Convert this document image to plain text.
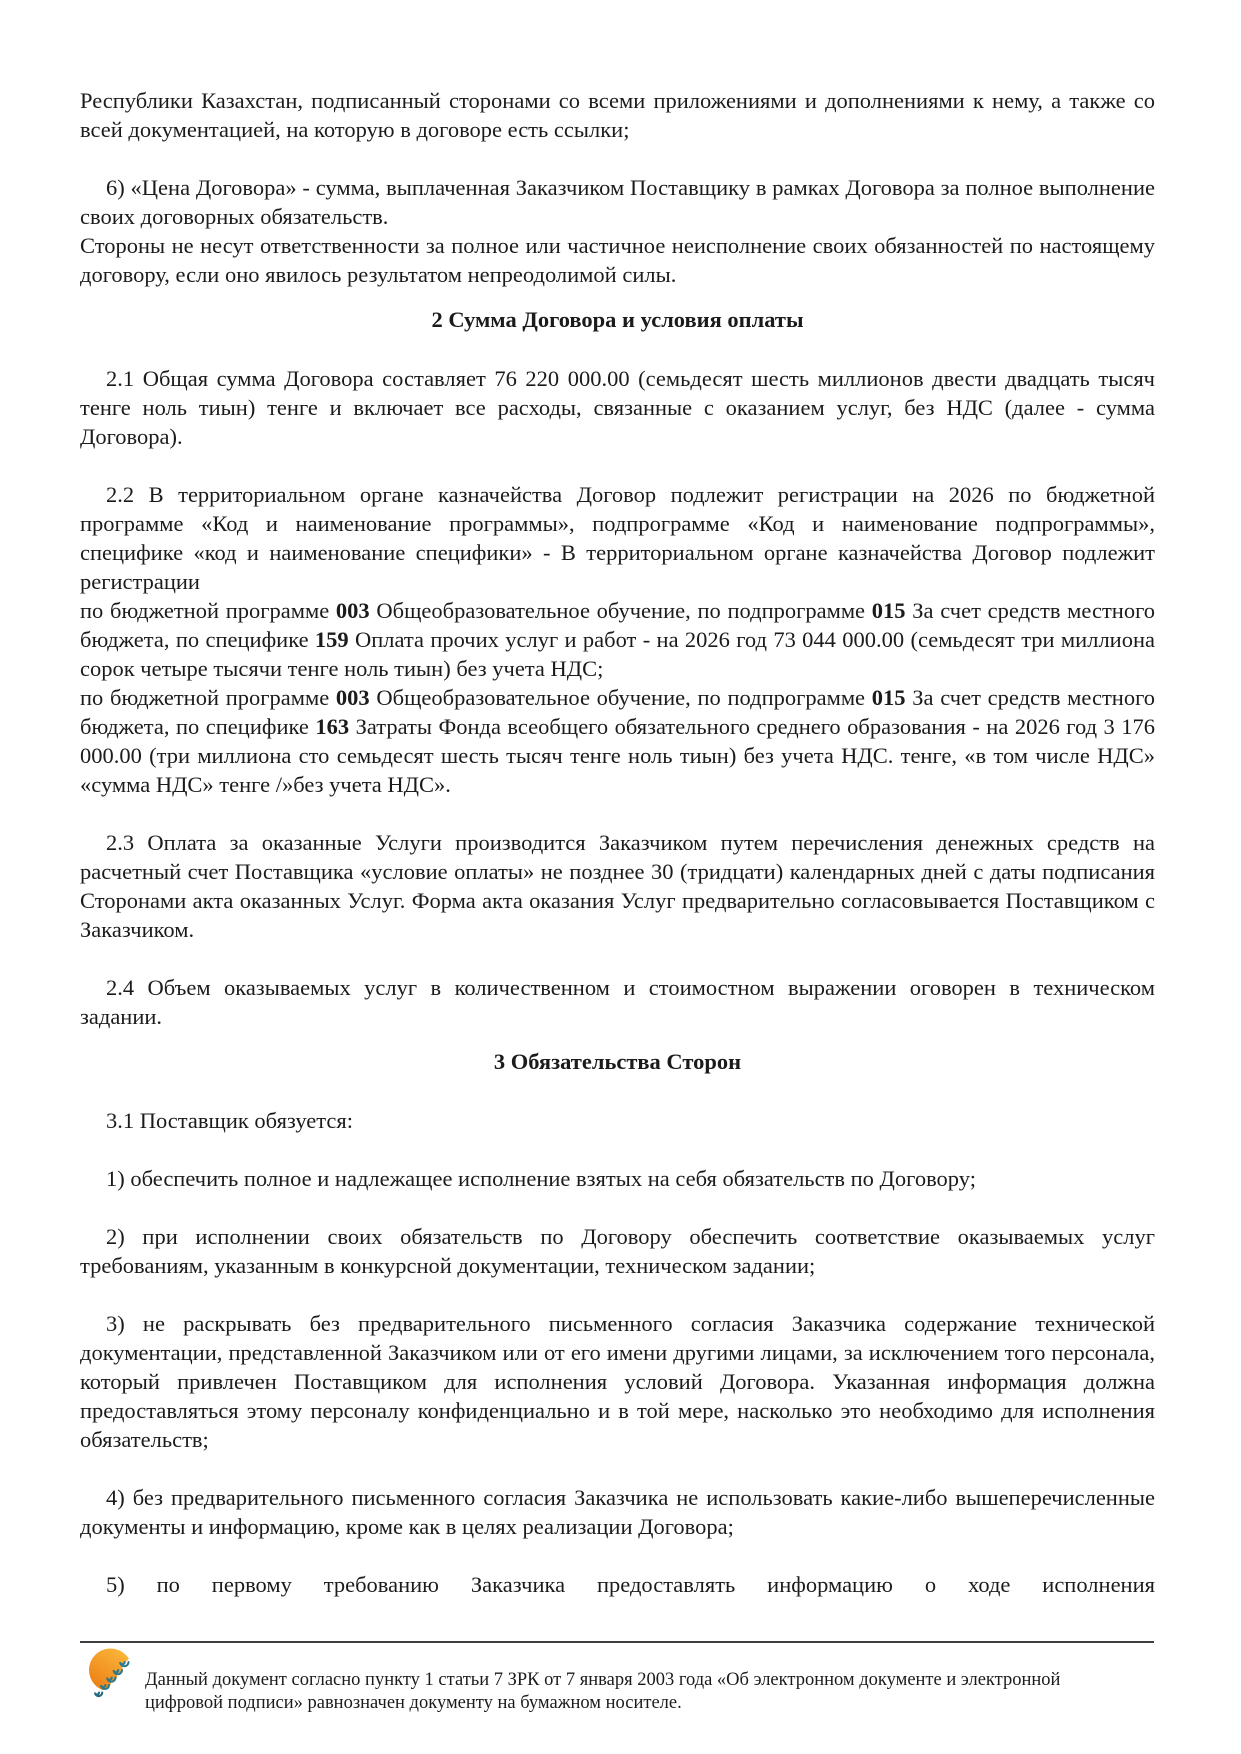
Республики Казахстан, подписанный сторонами со всеми приложениями и дополнениями к нему, а также со всей документацией, на которую в договоре есть ссылки;

6) «Цена Договора» - сумма, выплаченная Заказчиком Поставщику в рамках Договора за полное выполнение своих договорных обязательств.

Стороны не несут ответственности за полное или частичное неисполнение своих обязанностей по настоящему договору, если оно явилось результатом непреодолимой силы.

2 Сумма Договора и условия оплаты

2.1 Общая сумма Договора составляет 76 220 000.00 (семьдесят шесть миллионов двести двадцать тысяч тенге ноль тиын) тенге и включает все расходы, связанные с оказанием услуг, без НДС (далее - сумма Договора).

2.2 В территориальном органе казначейства Договор подлежит регистрации на 2026 по бюджетной программе «Код и наименование программы», подпрограмме «Код и наименование подпрограммы», специфике «код и наименование специфики» - В территориальном органе казначейства Договор подлежит регистрации

по бюджетной программе 003 Общеобразовательное обучение, по подпрограмме 015 За счет средств местного бюджета, по специфике 159 Оплата прочих услуг и работ - на 2026 год 73 044 000.00 (семьдесят три миллиона сорок четыре тысячи тенге ноль тиын) без учета НДС;

по бюджетной программе 003 Общеобразовательное обучение, по подпрограмме 015 За счет средств местного бюджета, по специфике 163 Затраты Фонда всеобщего обязательного среднего образования - на 2026 год 3 176 000.00 (три миллиона сто семьдесят шесть тысяч тенге ноль тиын) без учета НДС. тенге, «в том числе НДС» «сумма НДС» тенге /»без учета НДС».

2.3 Оплата за оказанные Услуги производится Заказчиком путем перечисления денежных средств на расчетный счет Поставщика «условие оплаты» не позднее 30 (тридцати) календарных дней с даты подписания Сторонами акта оказанных Услуг. Форма акта оказания Услуг предварительно согласовывается Поставщиком с Заказчиком.

2.4 Объем оказываемых услуг в количественном и стоимостном выражении оговорен в техническом задании.

3 Обязательства Сторон

3.1 Поставщик обязуется:

1) обеспечить полное и надлежащее исполнение взятых на себя обязательств по Договору;

2) при исполнении своих обязательств по Договору обеспечить соответствие оказываемых услуг требованиям, указанным в конкурсной документации, техническом задании;

3) не раскрывать без предварительного письменного согласия Заказчика содержание технической документации, представленной Заказчиком или от его имени другими лицами, за исключением того персонала, который привлечен Поставщиком для исполнения условий Договора. Указанная информация должна предоставляться этому персоналу конфиденциально и в той мере, насколько это необходимо для исполнения обязательств;

4) без предварительного письменного согласия Заказчика не использовать какие-либо вышеперечисленные документы и информацию, кроме как в целях реализации Договора;

5) по первому требованию Заказчика предоставлять информацию о ходе исполнения

Данный документ согласно пункту 1 статьи 7 ЗРК от 7 января 2003 года «Об электронном документе и электронной цифровой подписи» равнозначен документу на бумажном носителе.
